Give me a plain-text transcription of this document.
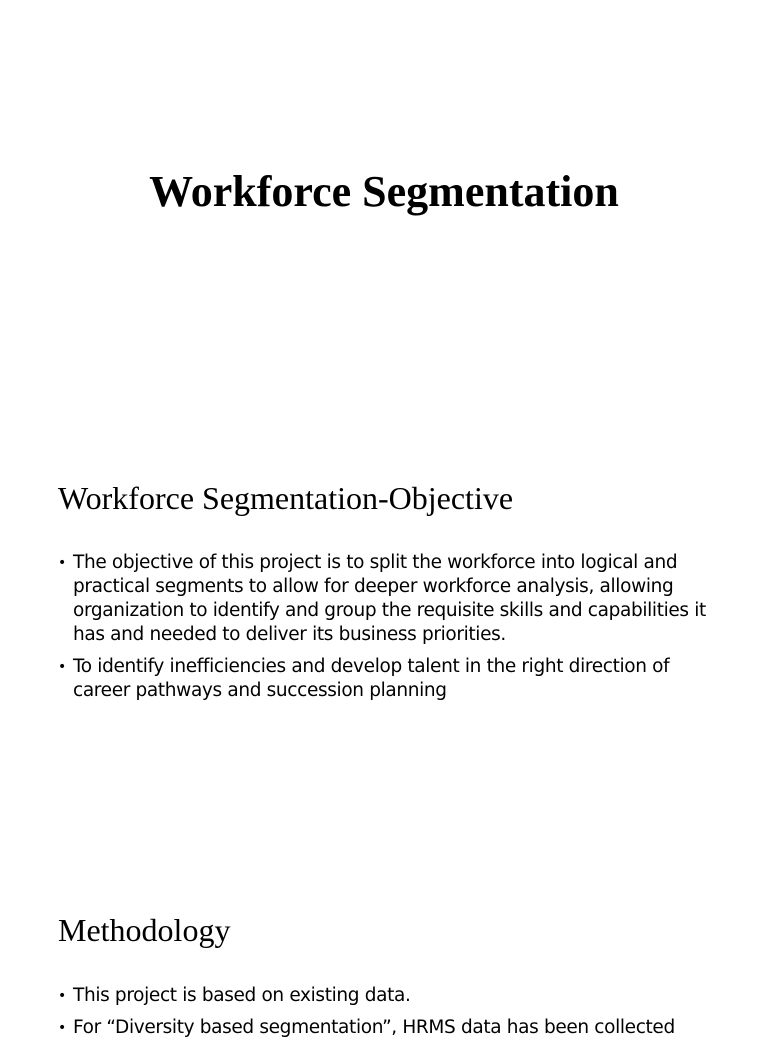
Workforce Segmentation
Workforce Segmentation-Objective
• The objective of this project is to split the workforce into logical and practical segments to allow for deeper workforce analysis, allowing organization to identify and group the requisite skills and capabilities it has and needed to deliver its business priorities.
• To identify inefficiencies and develop talent in the right direction of career pathways and succession planning
Methodology
• This project is based on existing data.
• For “Diversity based segmentation”, HRMS data has been collected
